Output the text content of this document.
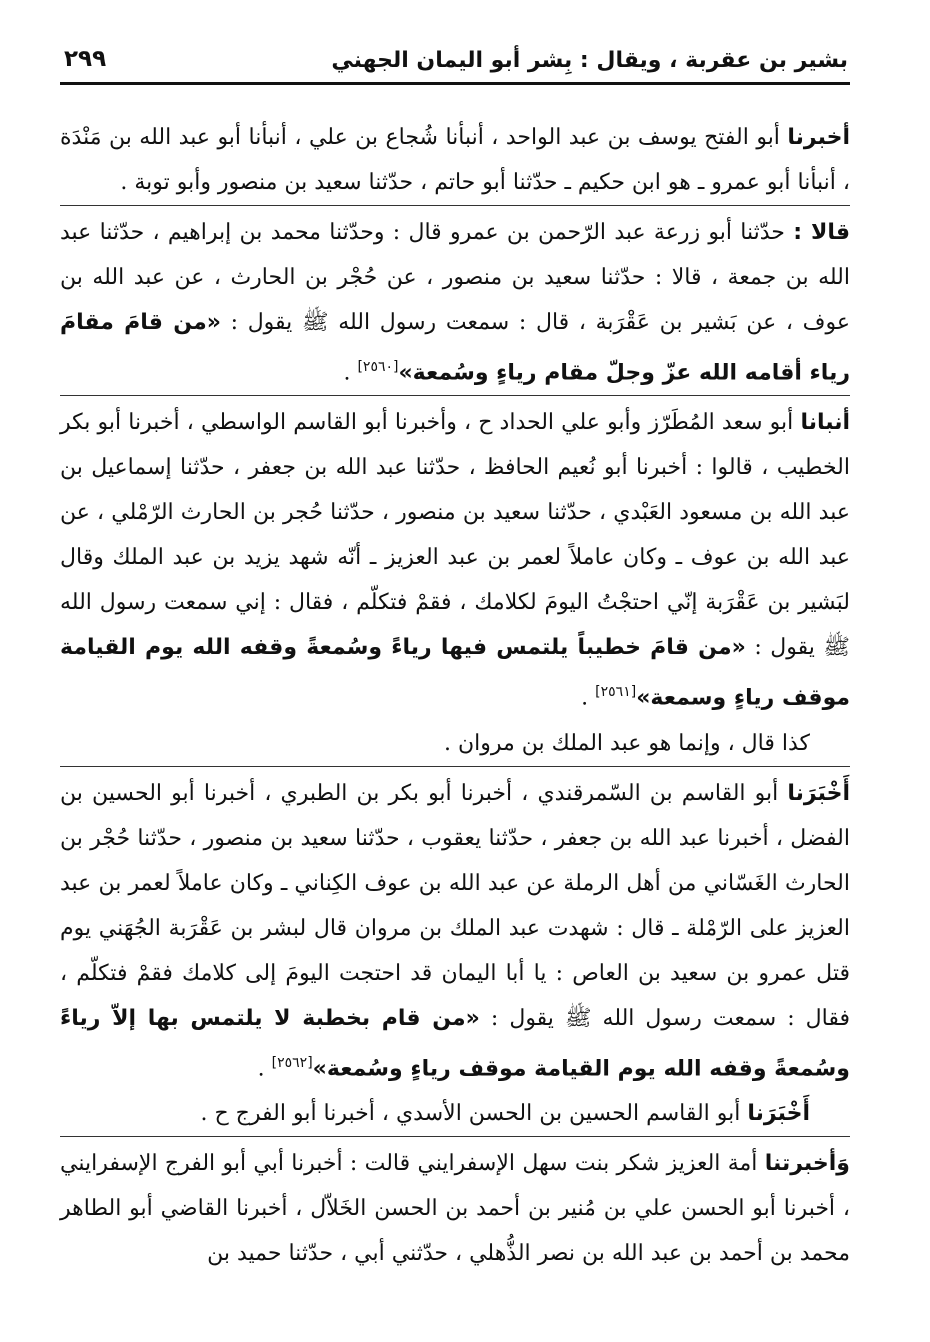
بشير بن عقربة ، ويقال : بِشر أبو اليمان الجهني
٢٩٩

أخبرنا أبو الفتح يوسف بن عبد الواحد ، أنبأنا شُجاع بن علي ، أنبأنا أبو عبد الله بن مَنْدَة ، أنبأنا أبو عمرو ـ هو ابن حكيم ـ حدّثنا أبو حاتم ، حدّثنا سعيد بن منصور وأبو توبة .

قالا : حدّثنا أبو زرعة عبد الرّحمن بن عمرو قال : وحدّثنا محمد بن إبراهيم ، حدّثنا عبد الله بن جمعة ، قالا : حدّثنا سعيد بن منصور ، عن حُجْر بن الحارث ، عن عبد الله بن عوف ، عن بَشير بن عَقْرَبة ، قال : سمعت رسول الله ﷺ يقول : «من قامَ مقامَ رياء أقامه الله عزّ وجلّ مقام رياءٍ وسُمعة»[٢٥٦٠] .

أنبانا أبو سعد المُطَرّز وأبو علي الحداد ح ، وأخبرنا أبو القاسم الواسطي ، أخبرنا أبو بكر الخطيب ، قالوا : أخبرنا أبو نُعيم الحافظ ، حدّثنا عبد الله بن جعفر ، حدّثنا إسماعيل بن عبد الله بن مسعود العَبْدي ، حدّثنا سعيد بن منصور ، حدّثنا حُجر بن الحارث الرّمْلي ، عن عبد الله بن عوف ـ وكان عاملاً لعمر بن عبد العزيز ـ أنّه شهد يزيد بن عبد الملك وقال لبَشير بن عَقْرَبة إنّي احتجْتُ اليومَ لكلامك ، فقمْ فتكلّم ، فقال : إني سمعت رسول الله ﷺ يقول : «من قامَ خطيباً يلتمس فيها رياءً وسُمعةً وقفه الله يوم القيامة موقف رياءٍ وسمعة»[٢٥٦١] .

كذا قال ، وإنما هو عبد الملك بن مروان .

أَخْبَرَنا أبو القاسم بن السّمرقندي ، أخبرنا أبو بكر بن الطبري ، أخبرنا أبو الحسين بن الفضل ، أخبرنا عبد الله بن جعفر ، حدّثنا يعقوب ، حدّثنا سعيد بن منصور ، حدّثنا حُجْر بن الحارث الغَسّاني من أهل الرملة عن عبد الله بن عوف الكِناني ـ وكان عاملاً لعمر بن عبد العزيز على الرّمْلة ـ قال : شهدت عبد الملك بن مروان قال لبشر بن عَقْرَبة الجُهَني يوم قتل عمرو بن سعيد بن العاص : يا أبا اليمان قد احتجت اليومَ إلى كلامك فقمْ فتكلّم ، فقال : سمعت رسول الله ﷺ يقول : «من قام بخطبة لا يلتمس بها إلاّ رياءً وسُمعةً وقفه الله يوم القيامة موقف رياءٍ وسُمعة»[٢٥٦٢] .

أَخْبَرَنا أبو القاسم الحسين بن الحسن الأسدي ، أخبرنا أبو الفرج ح .

وَأخبرتنا أمة العزيز شكر بنت سهل الإسفرايني قالت : أخبرنا أبي أبو الفرج الإسفرايني ، أخبرنا أبو الحسن علي بن مُنير بن أحمد بن الحسن الخَلاّل ، أخبرنا القاضي أبو الطاهر محمد بن أحمد بن عبد الله بن نصر الذُّهلي ، حدّثني أبي ، حدّثنا حميد بن
